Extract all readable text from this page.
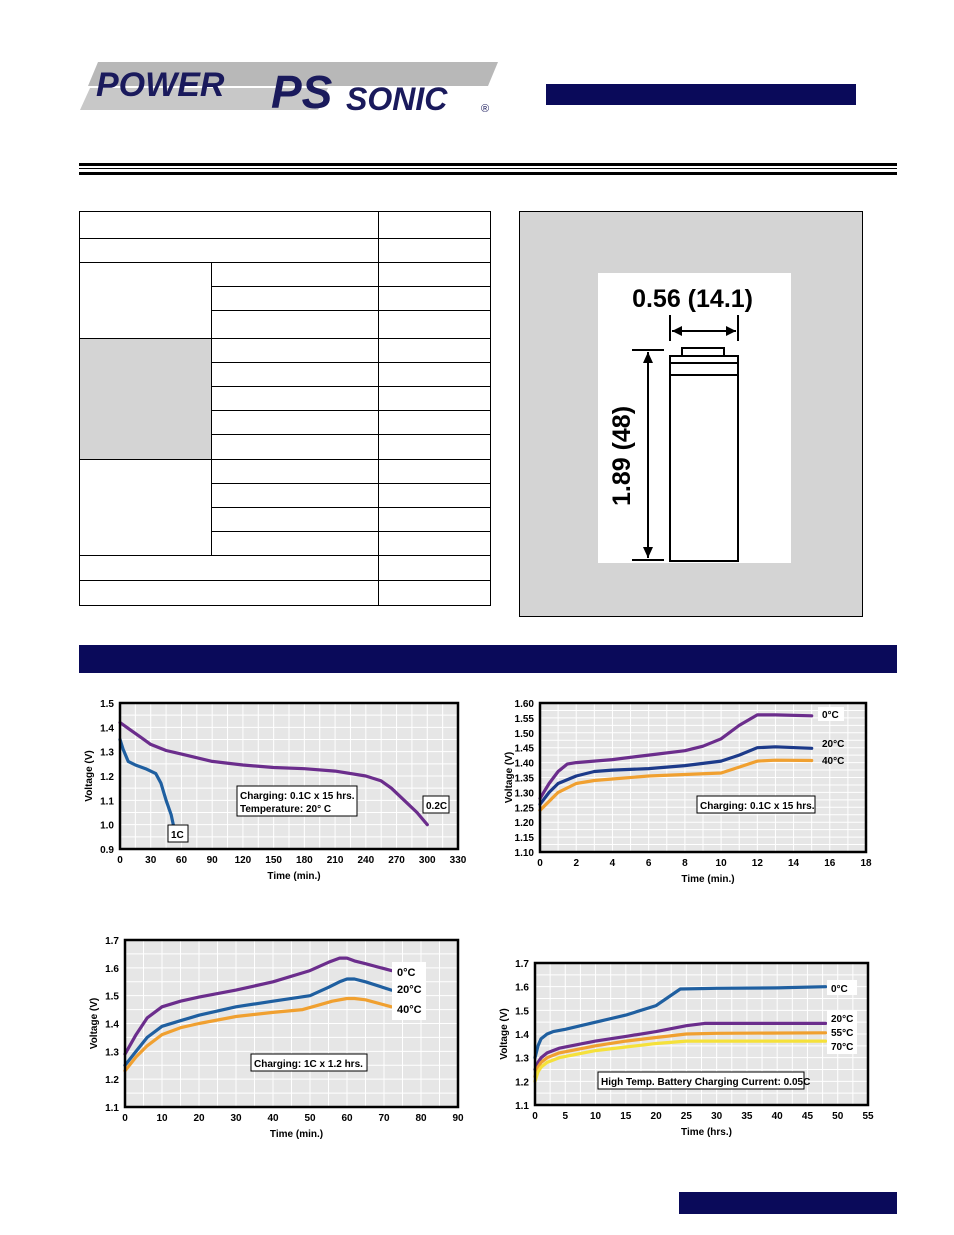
POWER PS SONIC	®

0.56 (14.1)
1.89 (48)
0 30 60 90 120 150 180 210 240 270 300 330
0.9
1.0
1.1
1.2
1.3
1.4
1.5
Time (min.)
Voltage (V)	Charging: 0.1C x 15 hrs.
Temperature: 20° C
1C
0.2C
0	2	4	6	8	10	12	14	16	18
1.10
1.15
1.20
1.25
1.30
1.35
1.40
1.45
1.50
1.55
1.60
Time (min.)
Voltage (V)
Charging: 0.1C x 15 hrs.
0°C
20°C
40°C
0	10	20	30	40	50	60	70	80	90
1.1
1.2
1.3
1.4
1.5
1.6
1.7
Time (min.)
Voltage (V)
Charging: 1C x 1.2 hrs.
0°C
20°C
40°C
0 5 10 15 20 25 30 35 40 45 50 55
1.1
1.2
1.3
1.4
1.5
1.6
1.7
Time (hrs.)
Voltage (V)
High Temp. Battery Charging Current: 0.05C
0°C
20°C
55°C
70°C
